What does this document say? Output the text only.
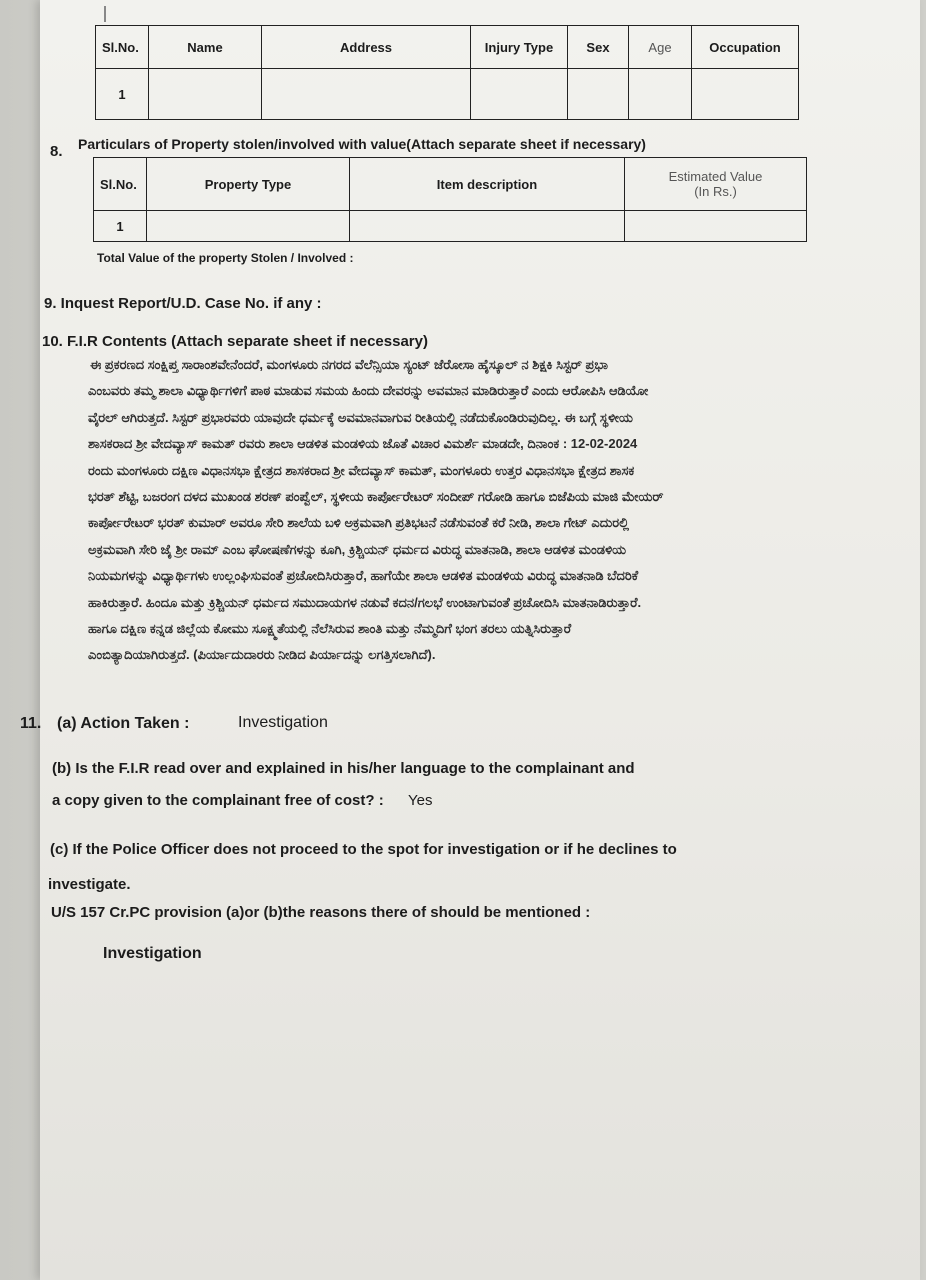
Sl.No.	Name	Address	Injury Type	Sex	Age	Occupation
1						
8. Particulars of Property stolen/involved with value(Attach separate sheet if necessary)
Sl.No.	Property Type	Item description	Estimated Value
(In Rs.)

1			
Total Value of the property Stolen / Involved :
9. Inquest Report/U.D. Case No. if any :
10. F.I.R Contents (Attach separate sheet if necessary)
ಈ ಪ್ರಕರಣದ ಸಂಕ್ಷಿಪ್ತ ಸಾರಾಂಶವೇನೆಂದರೆ, ಮಂಗಳೂರು ನಗರದ ವೆಲೆನ್ಸಿಯಾ ಸ್ಯಂಟ್ ಜೆರೋಸಾ ಹೈಸ್ಕೂಲ್ ನ ಶಿಕ್ಷಕಿ ಸಿಸ್ಟರ್ ಪ್ರಭಾ
ಎಂಬವರು ತಮ್ಮ ಶಾಲಾ ವಿಧ್ಯಾರ್ಥಿಗಳಿಗೆ ಪಾಠ ಮಾಡುವ ಸಮಯ ಹಿಂದು ದೇವರನ್ನು ಅವಮಾನ ಮಾಡಿರುತ್ತಾರೆ ಎಂದು ಆರೋಪಿಸಿ ಆಡಿಯೋ
ವೈರಲ್ ಆಗಿರುತ್ತದೆ. ಸಿಸ್ಟರ್ ಪ್ರಭಾರವರು ಯಾವುದೇ ಧರ್ಮಕ್ಕೆ ಅವಮಾನವಾಗುವ ರೀತಿಯಲ್ಲಿ ನಡೆದುಕೊಂಡಿರುವುದಿಲ್ಲ. ಈ ಬಗ್ಗೆ ಸ್ಥಳೀಯ
ಶಾಸಕರಾದ ಶ್ರೀ ವೇದವ್ಯಾಸ್ ಕಾಮತ್ ರವರು ಶಾಲಾ ಆಡಳಿತ ಮಂಡಳಿಯ ಜೊತೆ ವಿಚಾರ ವಿಮರ್ಶೆ ಮಾಡದೇ, ದಿನಾಂಕ : 12-02-2024
ರಂದು ಮಂಗಳೂರು ದಕ್ಷಿಣ ವಿಧಾನಸಭಾ ಕ್ಷೇತ್ರದ ಶಾಸಕರಾದ ಶ್ರೀ ವೇದವ್ಯಾಸ್ ಕಾಮತ್, ಮಂಗಳೂರು ಉತ್ತರ ವಿಧಾನಸಭಾ ಕ್ಷೇತ್ರದ ಶಾಸಕ
ಭರತ್ ಶೆಟ್ಟಿ, ಬಜರಂಗ ದಳದ ಮುಖಂಡ ಶರಣ್ ಪಂಪ್ವೆಲ್, ಸ್ಥಳೀಯ ಕಾರ್ಪೋರೇಟರ್ ಸಂದೀಪ್ ಗರೋಡಿ ಹಾಗೂ ಬಿಜೆಪಿಯ ಮಾಜಿ ಮೇಯರ್
ಕಾರ್ಪೋರೇಟರ್ ಭರತ್ ಕುಮಾರ್ ಅವರೂ ಸೇರಿ ಶಾಲೆಯ ಬಳಿ ಅಕ್ರಮವಾಗಿ ಪ್ರತಿಭಟನೆ ನಡೆಸುವಂತೆ ಕರೆ ನೀಡಿ, ಶಾಲಾ ಗೇಟ್ ಎದುರಲ್ಲಿ
ಅಕ್ರಮವಾಗಿ ಸೇರಿ ಜೈ ಶ್ರೀ ರಾಮ್ ಎಂಬ ಘೋಷಣೆಗಳನ್ನು ಕೂಗಿ, ಕ್ರಿಶ್ಚಿಯನ್ ಧರ್ಮದ ವಿರುದ್ಧ ಮಾತನಾಡಿ, ಶಾಲಾ ಆಡಳಿತ ಮಂಡಳಿಯ
ನಿಯಮಗಳನ್ನು ವಿಧ್ಯಾರ್ಥಿಗಳು ಉಲ್ಲಂಘಿಸುವಂತೆ ಪ್ರಚೋದಿಸಿರುತ್ತಾರೆ, ಹಾಗೆಯೇ ಶಾಲಾ ಆಡಳಿತ ಮಂಡಳಿಯ ವಿರುದ್ಧ ಮಾತನಾಡಿ ಬೆದರಿಕೆ
ಹಾಕಿರುತ್ತಾರೆ. ಹಿಂದೂ ಮತ್ತು ಕ್ರಿಶ್ಚಿಯನ್ ಧರ್ಮದ ಸಮುದಾಯಗಳ ನಡುವೆ ಕದನ/ಗಲಭೆ ಉಂಟಾಗುವಂತೆ ಪ್ರಚೋದಿಸಿ ಮಾತನಾಡಿರುತ್ತಾರೆ.
ಹಾಗೂ ದಕ್ಷಿಣ ಕನ್ನಡ ಜಿಲ್ಲೆಯ ಕೋಮು ಸೂಕ್ಷ್ಮತೆಯಲ್ಲಿ ನೆಲೆಸಿರುವ ಶಾಂತಿ ಮತ್ತು ನೆಮ್ಮದಿಗೆ ಭಂಗ ತರಲು ಯತ್ನಿಸಿರುತ್ತಾರೆ
ಎಂಬಿತ್ಯಾದಿಯಾಗಿರುತ್ತದೆ. (ಪಿರ್ಯಾದುದಾರರು ನೀಡಿದ ಪಿರ್ಯಾದನ್ನು ಲಗತ್ತಿಸಲಾಗಿದೆ).
11. (a) Action Taken :	Investigation
(b) Is the F.I.R read over and explained in his/her language to the complainant and
a copy given to the complainant free of cost? : Yes
(c) If the Police Officer does not proceed to the spot for investigation or if he declines to
investigate.
U/S 157 Cr.PC provision (a)or (b)the reasons there of should be mentioned :
Investigation
